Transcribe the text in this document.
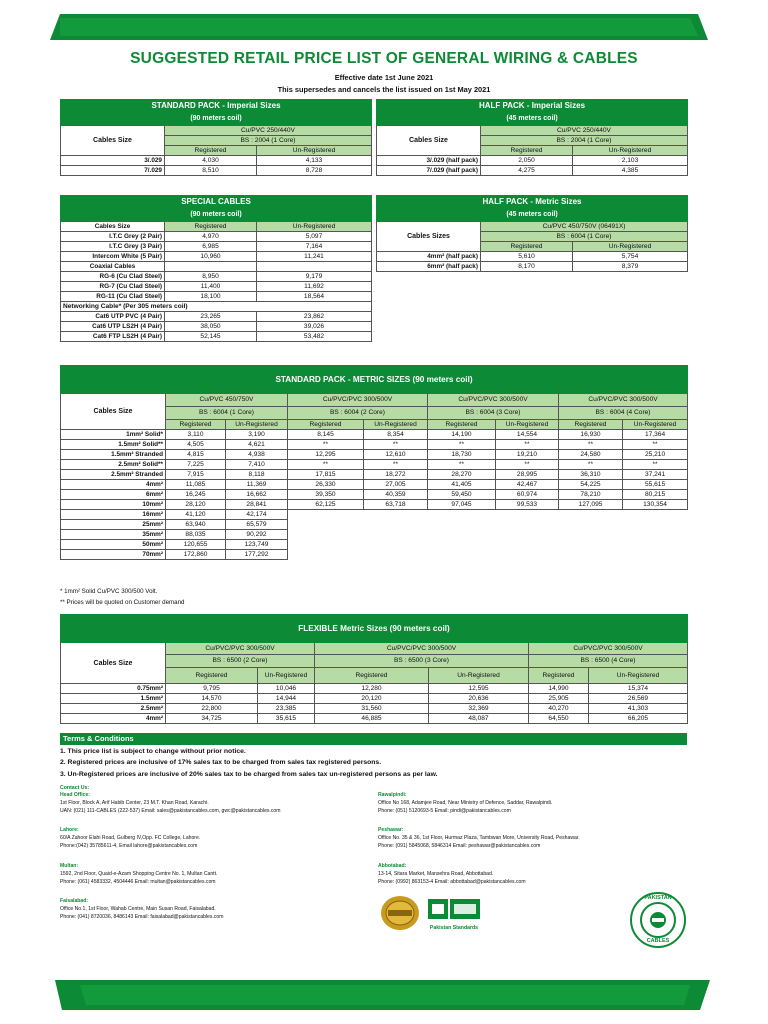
SUGGESTED RETAIL PRICE LIST OF GENERAL WIRING & CABLES
Effective date 1st June 2021
This supersedes and cancels the list issued on 1st May 2021
STANDARD PACK - Imperial Sizes		
(90 meters coil)		
Cables Size	Cu/PVC 250/440V	
	BS : 2004 (1 Core)	
	Registered	Un-Registered
3/.029	4,030	4,133
7/.029	8,510	8,728
HALF PACK - Imperial Sizes		
(45 meters coil)		
Cables Size	Cu/PVC 250/440V	
	BS : 2004 (1 Core)	
	Registered	Un-Registered
3/.029 (half pack)	2,050	2,103
7/.029 (half pack)	4,275	4,385
SPECIAL CABLES		
(90 meters coil)		
Cables Size	Registered	Un-Registered
I.T.C Grey (2 Pair)	4,970	5,097
I.T.C Grey (3 Pair)	6,985	7,164
Intercom White (5 Pair)	10,960	11,241
Coaxial Cables		
RG-6 (Cu Clad Steel)	8,950	9,179
RG-7 (Cu Clad Steel)	11,400	11,692
RG-11 (Cu Clad Steel)	18,100	18,564
Networking Cable* (Per 305 meters coil)		
Cat6 UTP PVC (4 Pair)	23,265	23,862
Cat6 UTP LS2H (4 Pair)	38,050	39,026
Cat6 FTP LS2H (4 Pair)	52,145	53,482
HALF PACK - Metric Sizes		
(45 meters coil)		
Cables Sizes	Cu/PVC 450/750V (06491X)	
	BS : 6004 (1 Core)	
	Registered	Un-Registered
4mm² (half pack)	5,610	5,754
6mm² (half pack)	8,170	8,379
STANDARD PACK - METRIC SIZES (90 meters coil)								
Cables Size	Cu/PVC 450/750V		Cu/PVC/PVC 300/500V		Cu/PVC/PVC 300/500V		Cu/PVC/PVC 300/500V	
	BS : 6004 (1 Core)		BS : 6004 (2 Core)		BS : 6004 (3 Core)		BS : 6004 (4 Core)	
	Registered	Un-Registered	Registered	Un-Registered	Registered	Un-Registered	Registered	Un-Registered
1mm² Solid*	3,110	3,190	8,145	8,354	14,190	14,554	16,930	17,364
1.5mm² Solid**	4,505	4,621	**	**	**	**	**	**
1.5mm² Stranded	4,815	4,938	12,295	12,610	18,730	19,210	24,580	25,210
2.5mm² Solid**	7,225	7,410	**	**	**	**	**	**
2.5mm² Stranded	7,915	8,118	17,815	18,272	28,270	28,995	36,310	37,241
4mm²	11,085	11,369	26,330	27,005	41,405	42,467	54,225	55,615
6mm²	16,245	16,662	39,350	40,359	59,450	60,974	78,210	80,215
10mm²	28,120	28,841	62,125	63,718	97,045	99,533	127,095	130,354
16mm²	41,120	42,174						
25mm²	63,940	65,579						
35mm²	88,035	90,292						
50mm²	120,655	123,749						
70mm²	172,860	177,292						
* 1mm² Solid Cu/PVC 300/500 Volt.
** Prices will be quoted on Customer demand
FLEXIBLE Metric Sizes (90 meters coil)						
Cables Size	Cu/PVC/PVC 300/500V		Cu/PVC/PVC 300/500V		Cu/PVC/PVC 300/500V	
	BS : 6500 (2 Core)		BS : 6500 (3 Core)		BS : 6500 (4 Core)	
	Registered	Un-Registered	Registered	Un-Registered	Registered	Un-Registered
0.75mm²	9,795	10,046	12,280	12,595	14,990	15,374
1.5mm²	14,570	14,944	20,120	20,636	25,905	26,569
2.5mm²	22,800	23,385	31,560	32,369	40,270	41,303
4mm²	34,725	35,615	46,885	48,087	64,550	66,205
Terms & Conditions
1. This price list is subject to change without prior notice.
2. Registered prices are inclusive of 17% sales tax to be charged from sales tax registered persons.
3. Un-Registered prices are inclusive of 20% sales tax to be charged from sales tax un-registered persons as per law.
Contact Us:
Head Office:
1st Floor, Block A, Arif Habib Center, 23 M.T. Khan Road, Karachi.
UAN: (021) 111-CABLES (222-537) Email: sales@pakistancables.com, gwc@pakistancables.com
Lahore:
60/A Zahoor Elahi Road, Gulberg IV,Opp. FC College, Lahore.
Phone:(042) 35785611-4, Email lahore@pakistancables.com
Multan:
1592, 2nd Floor, Quaid-e-Azam Shopping Centre No. 1, Multan Cantt.
Phone: (061) 4583332, 4504446 Email: multan@pakistancables.com
Faisalabad:
Office No.1, 1st Floor, Wahab Centre, Main Susan Road, Faisalabad.
Phone: (041) 8720036, 8486143 Email: faisalabad@pakistancables.com
Rawalpindi:
Office No 168, Adamjee Road, Near Ministry of Defence, Saddar, Rawalpindi.
Phone: (051) 5120693-5 Email: pindi@pakistancables.com
Peshawar:
Office No. 35 & 36, 1st Floor, Hurmaz Plaza, Tambwan More, University Road, Peshawar.
Phone: (091) 5845068, 5846314 Email: peshawar@pakistancables.com
Abbotabad:
13-14, Sitara Market, Mansehra Road, Abbottabad.
Phone: (0992) 863153-4 Email: abbottabad@pakistancables.com
Pakistan Standards
PAKISTAN
CABLES
